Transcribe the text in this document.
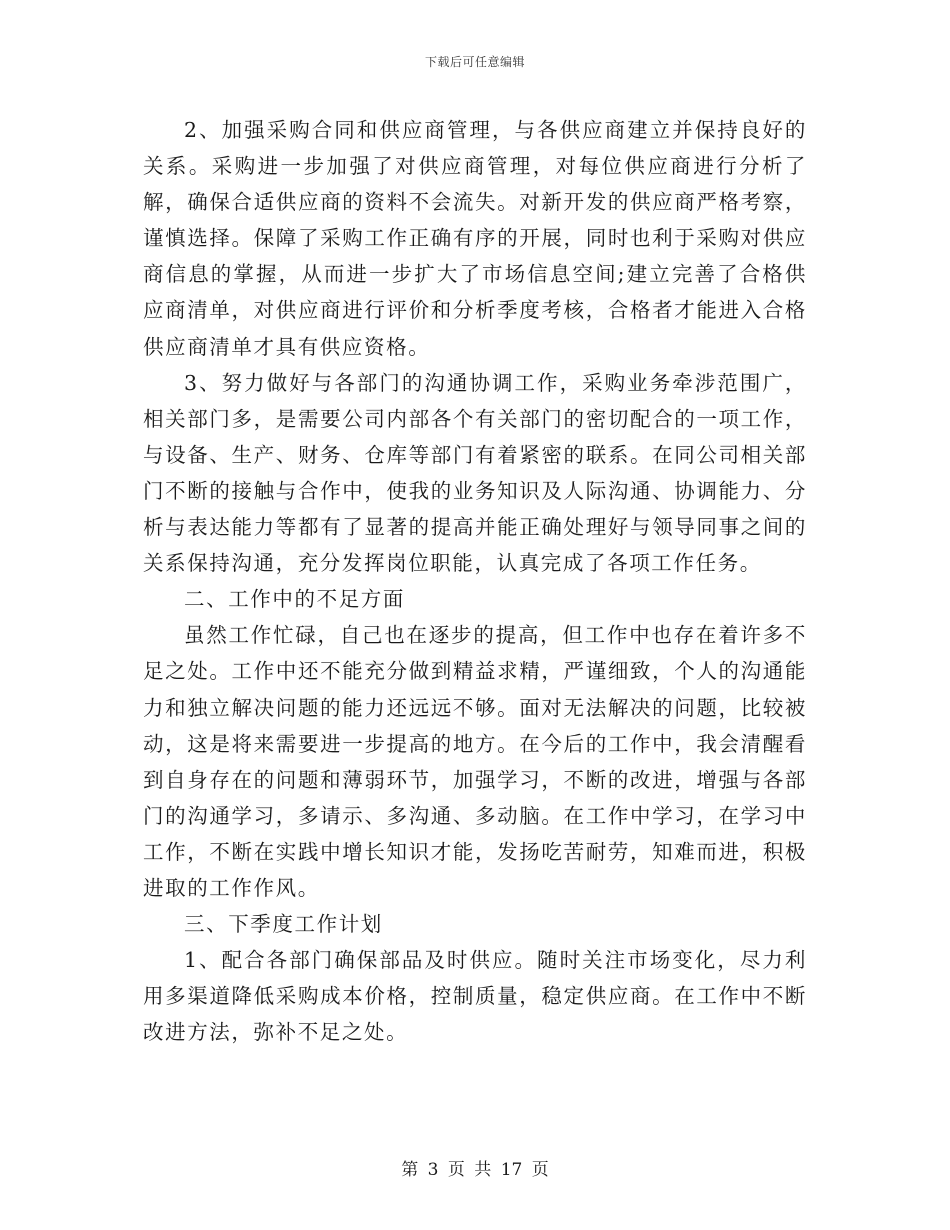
下载后可任意编辑

2、加强采购合同和供应商管理，与各供应商建立并保持良好的关系。采购进一步加强了对供应商管理，对每位供应商进行分析了解，确保合适供应商的资料不会流失。对新开发的供应商严格考察，谨慎选择。保障了采购工作正确有序的开展，同时也利于采购对供应商信息的掌握，从而进一步扩大了市场信息空间;建立完善了合格供应商清单，对供应商进行评价和分析季度考核，合格者才能进入合格供应商清单才具有供应资格。

3、努力做好与各部门的沟通协调工作，采购业务牵涉范围广，相关部门多，是需要公司内部各个有关部门的密切配合的一项工作，与设备、生产、财务、仓库等部门有着紧密的联系。在同公司相关部门不断的接触与合作中，使我的业务知识及人际沟通、协调能力、分析与表达能力等都有了显著的提高并能正确处理好与领导同事之间的关系保持沟通，充分发挥岗位职能，认真完成了各项工作任务。

二、工作中的不足方面

虽然工作忙碌，自己也在逐步的提高，但工作中也存在着许多不足之处。工作中还不能充分做到精益求精，严谨细致，个人的沟通能力和独立解决问题的能力还远远不够。面对无法解决的问题，比较被动，这是将来需要进一步提高的地方。在今后的工作中，我会清醒看到自身存在的问题和薄弱环节，加强学习，不断的改进，增强与各部门的沟通学习，多请示、多沟通、多动脑。在工作中学习，在学习中工作，不断在实践中增长知识才能，发扬吃苦耐劳，知难而进，积极进取的工作作风。

三、下季度工作计划

1、配合各部门确保部品及时供应。随时关注市场变化，尽力利用多渠道降低采购成本价格，控制质量，稳定供应商。在工作中不断改进方法，弥补不足之处。

第 3 页 共 17 页
